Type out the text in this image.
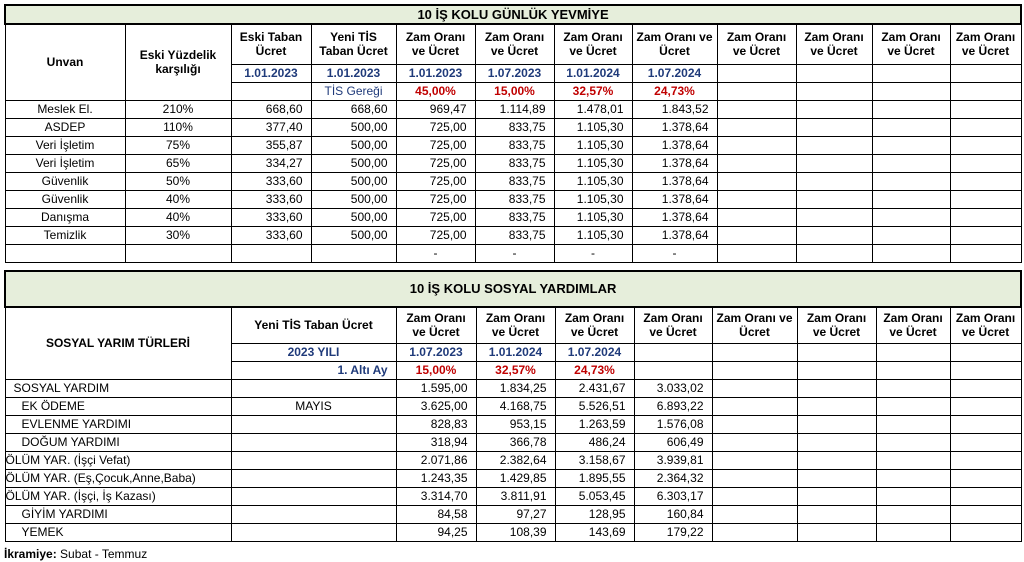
10 İŞ KOLU GÜNLÜK YEVMİYE											
Unvan	Eski Yüzdelik karşılığı	Eski Taban Ücret	Yeni TİS Taban Ücret	Zam Oranı ve Ücret	Zam Oranı ve Ücret	Zam Oranı ve Ücret	Zam Oranı ve Ücret	Zam Oranı ve Ücret	Zam Oranı ve Ücret	Zam Oranı ve Ücret	Zam Oranı ve Ücret
		1.01.2023	1.01.2023	1.01.2023	1.07.2023	1.01.2024	1.07.2024				
			TİS Gereği	45,00%	15,00%	32,57%	24,73%				
Meslek El.	210%	668,60	668,60	969,47	1.114,89	1.478,01	1.843,52				
ASDEP	110%	377,40	500,00	725,00	833,75	1.105,30	1.378,64				
Veri İşletim	75%	355,87	500,00	725,00	833,75	1.105,30	1.378,64				
Veri İşletim	65%	334,27	500,00	725,00	833,75	1.105,30	1.378,64				
Güvenlik	50%	333,60	500,00	725,00	833,75	1.105,30	1.378,64				
Güvenlik	40%	333,60	500,00	725,00	833,75	1.105,30	1.378,64				
Danışma	40%	333,60	500,00	725,00	833,75	1.105,30	1.378,64				
Temizlik	30%	333,60	500,00	725,00	833,75	1.105,30	1.378,64				
				-	-	-	-				
10 İŞ KOLU SOSYAL YARDIMLAR									
SOSYAL YARIM TÜRLERİ	Yeni TİS Taban Ücret	Zam Oranı ve Ücret	Zam Oranı ve Ücret	Zam Oranı ve Ücret	Zam Oranı ve Ücret	Zam Oranı ve Ücret	Zam Oranı ve Ücret	Zam Oranı ve Ücret	Zam Oranı ve Ücret
	2023 YILI	1.07.2023	1.01.2024	1.07.2024					
	1. Altı Ay	15,00%	32,57%	24,73%					
SOSYAL YARDIM		1.595,00	1.834,25	2.431,67	3.033,02				
EK ÖDEME	MAYIS	3.625,00	4.168,75	5.526,51	6.893,22				
EVLENME YARDIMI		828,83	953,15	1.263,59	1.576,08				
DOĞUM YARDIMI		318,94	366,78	486,24	606,49				
ÖLÜM YAR. (İşçi Vefat)		2.071,86	2.382,64	3.158,67	3.939,81				
ÖLÜM YAR. (Eş,Çocuk,Anne,Baba)		1.243,35	1.429,85	1.895,55	2.364,32				
ÖLÜM YAR. (İşçi, İş Kazası)		3.314,70	3.811,91	5.053,45	6.303,17				
GİYİM YARDIMI		84,58	97,27	128,95	160,84				
YEMEK		94,25	108,39	143,69	179,22				
İkramiye: Subat - Temmuz
